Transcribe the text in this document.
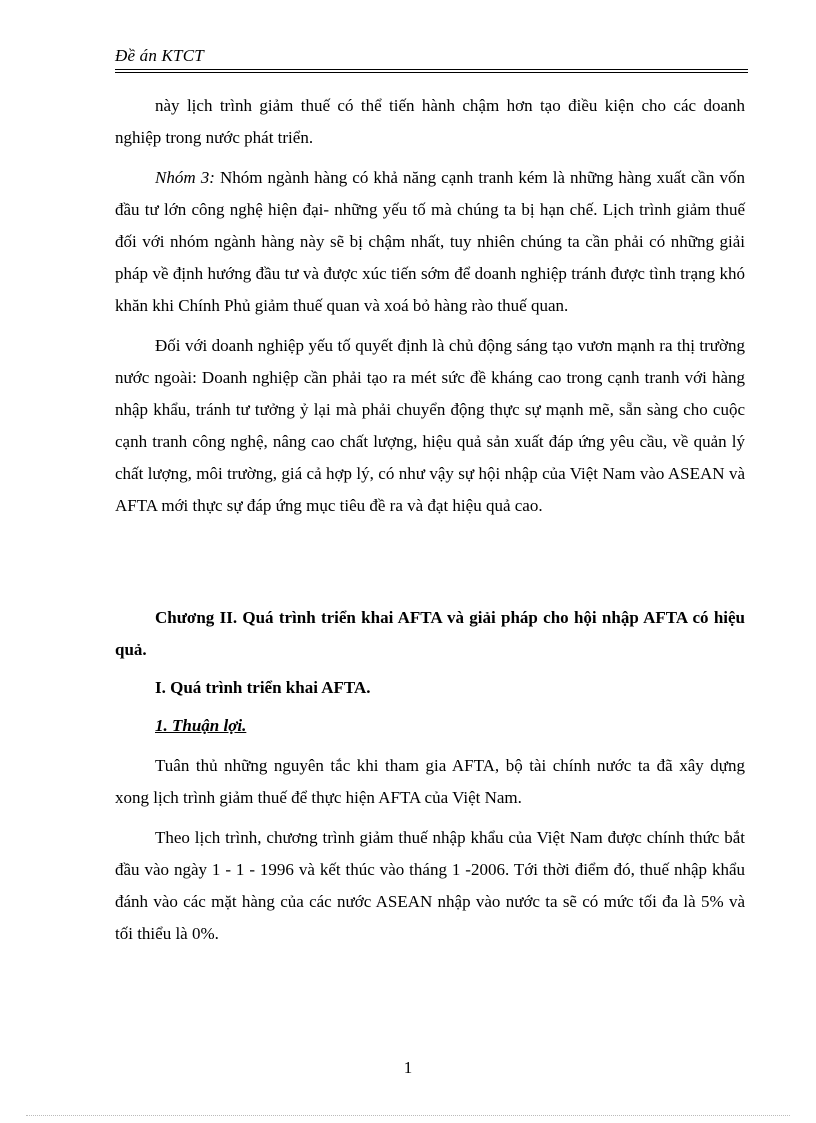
Đề án KTCT

này lịch trình giảm thuế có thể tiến hành chậm hơn tạo điều kiện cho các doanh nghiệp trong nước phát triển.

Nhóm 3: Nhóm ngành hàng có khả năng cạnh tranh kém là những hàng xuất cần vốn đầu tư lớn công nghệ hiện đại- những yếu tố mà chúng ta bị hạn chế. Lịch trình giảm thuế đối với nhóm ngành hàng này sẽ bị chậm nhất, tuy nhiên chúng ta cần phải có những giải pháp về định hướng đầu tư và được xúc tiến sớm để doanh nghiệp tránh được tình trạng khó khăn khi Chính Phủ giảm thuế quan và xoá bỏ hàng rào thuế quan.

Đối với doanh nghiệp yếu tố quyết định là chủ động sáng tạo vươn mạnh ra thị trường nước ngoài: Doanh nghiệp cần phải tạo ra mét sức đề kháng cao trong cạnh tranh với hàng nhập khẩu, tránh tư tưởng ỷ lại mà phải chuyển động thực sự mạnh mẽ, sẵn sàng cho cuộc cạnh tranh công nghệ, nâng cao chất lượng, hiệu quả sản xuất đáp ứng yêu cầu, về quản lý chất lượng, môi trường, giá cả hợp lý, có như vậy sự hội nhập của Việt Nam vào ASEAN và AFTA mới thực sự đáp ứng mục tiêu đề ra và đạt hiệu quả cao.

Chương II. Quá trình triển khai AFTA và giải pháp cho hội nhập AFTA có hiệu quả.

I. Quá trình triển khai AFTA.

1. Thuận lợi.

Tuân thủ những nguyên tắc khi tham gia AFTA, bộ tài chính nước ta đã xây dựng xong lịch trình giảm thuế để thực hiện AFTA của Việt Nam.

Theo lịch trình, chương trình giảm thuế nhập khẩu của Việt Nam được chính thức bắt đầu vào ngày 1 - 1 - 1996 và kết thúc vào tháng 1 -2006. Tới thời điểm đó, thuế nhập khẩu đánh vào các mặt hàng của các nước ASEAN nhập vào nước ta sẽ có mức tối đa là 5% và tối thiểu là 0%.

1
